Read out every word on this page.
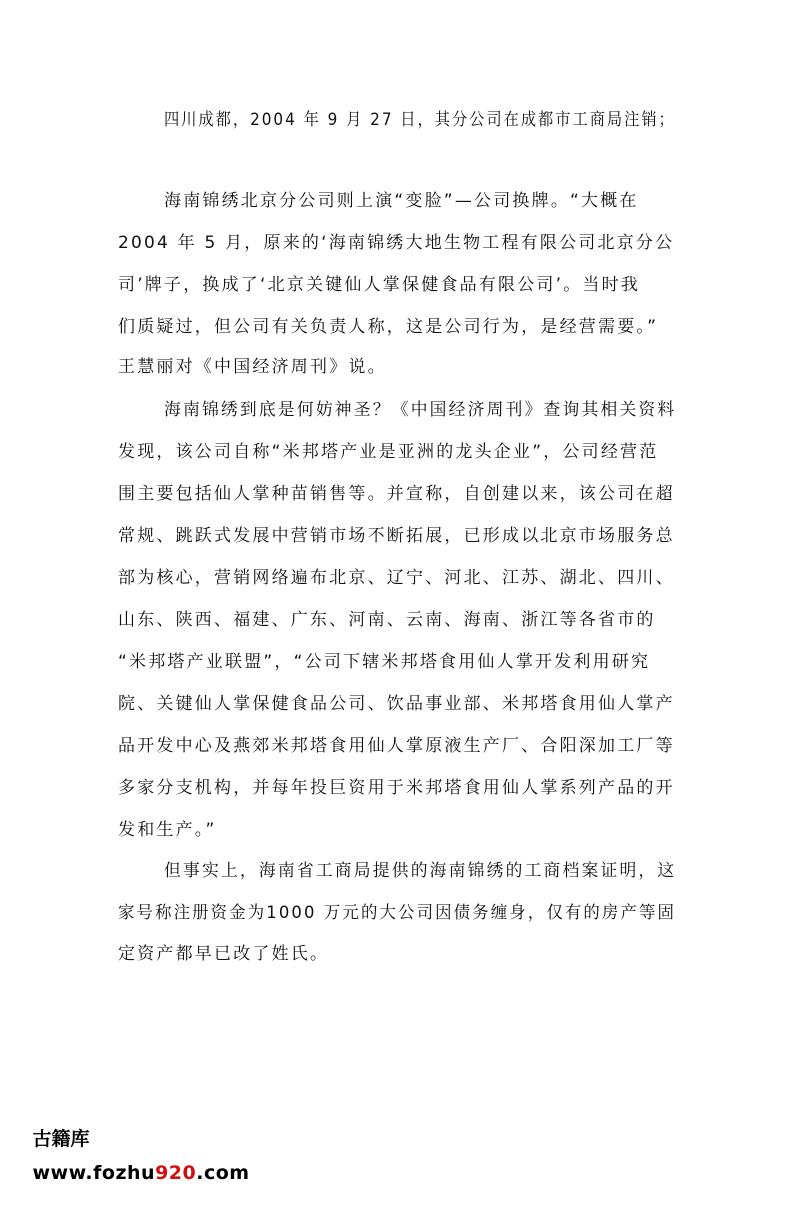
四川成都，2004 年 9 月 27 日，其分公司在成都市工商局注销；
海南锦绣北京分公司则上演“变脸”—公司换牌。“大概在
2004 年 5 月，原来的‘海南锦绣大地生物工程有限公司北京分公
司’牌子，换成了‘北京关键仙人掌保健食品有限公司’。当时我
们质疑过，但公司有关负责人称，这是公司行为，是经营需要。”
王慧丽对《中国经济周刊》说。
海南锦绣到底是何妨神圣？《中国经济周刊》查询其相关资料
发现，该公司自称“米邦塔产业是亚洲的龙头企业”，公司经营范
围主要包括仙人掌种苗销售等。并宣称，自创建以来，该公司在超
常规、跳跃式发展中营销市场不断拓展，已形成以北京市场服务总
部为核心，营销网络遍布北京、辽宁、河北、江苏、湖北、四川、
山东、陕西、福建、广东、河南、云南、海南、浙江等各省市的
“米邦塔产业联盟”，“公司下辖米邦塔食用仙人掌开发利用研究
院、关键仙人掌保健食品公司、饮品事业部、米邦塔食用仙人掌产
品开发中心及燕郊米邦塔食用仙人掌原液生产厂、合阳深加工厂等
多家分支机构，并每年投巨资用于米邦塔食用仙人掌系列产品的开
发和生产。”
但事实上，海南省工商局提供的海南锦绣的工商档案证明，这
家号称注册资金为1000 万元的大公司因债务缠身，仅有的房产等固
定资产都早已改了姓氏。

古籍库
www.fozhu920.com
